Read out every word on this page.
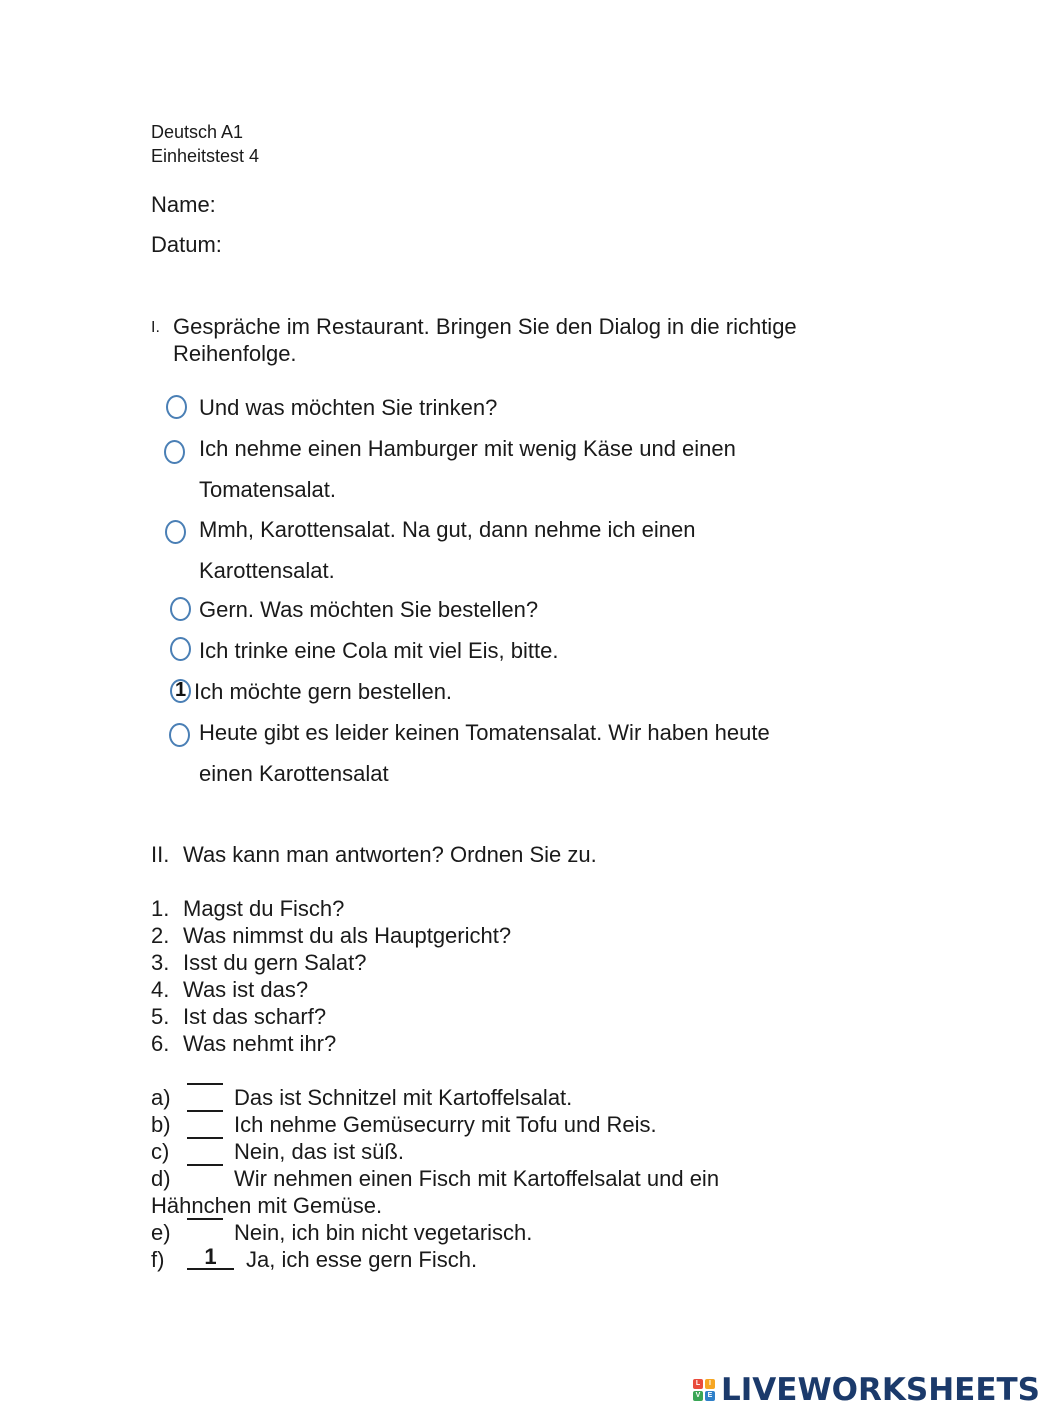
Deutsch A1
Einheitstest 4
Name:
Datum:
I. Gespräche im Restaurant. Bringen Sie den Dialog in die richtige
Reihenfolge.
Und was möchten Sie trinken?
Ich nehme einen Hamburger mit wenig Käse und einen
Tomatensalat.
Mmh, Karottensalat. Na gut, dann nehme ich einen
Karottensalat.
Gern. Was möchten Sie bestellen?
Ich trinke eine Cola mit viel Eis, bitte.
1 Ich möchte gern bestellen.
Heute gibt es leider keinen Tomatensalat. Wir haben heute
einen Karottensalat
II. Was kann man antworten? Ordnen Sie zu.
1. Magst du Fisch?
2. Was nimmst du als Hauptgericht?
3. Isst du gern Salat?
4. Was ist das?
5. Ist das scharf?
6. Was nehmt ihr?
a)	Das ist Schnitzel mit Kartoffelsalat.
b)	Ich nehme Gemüsecurry mit Tofu und Reis.
c)	Nein, das ist süß.
d)	Wir nehmen einen Fisch mit Kartoffelsalat und ein
Hähnchen mit Gemüse.
e)	Nein, ich bin nicht vegetarisch.
f)	1	Ja, ich esse gern Fisch.
L	I
V	E LIVEWORKSHEETS
